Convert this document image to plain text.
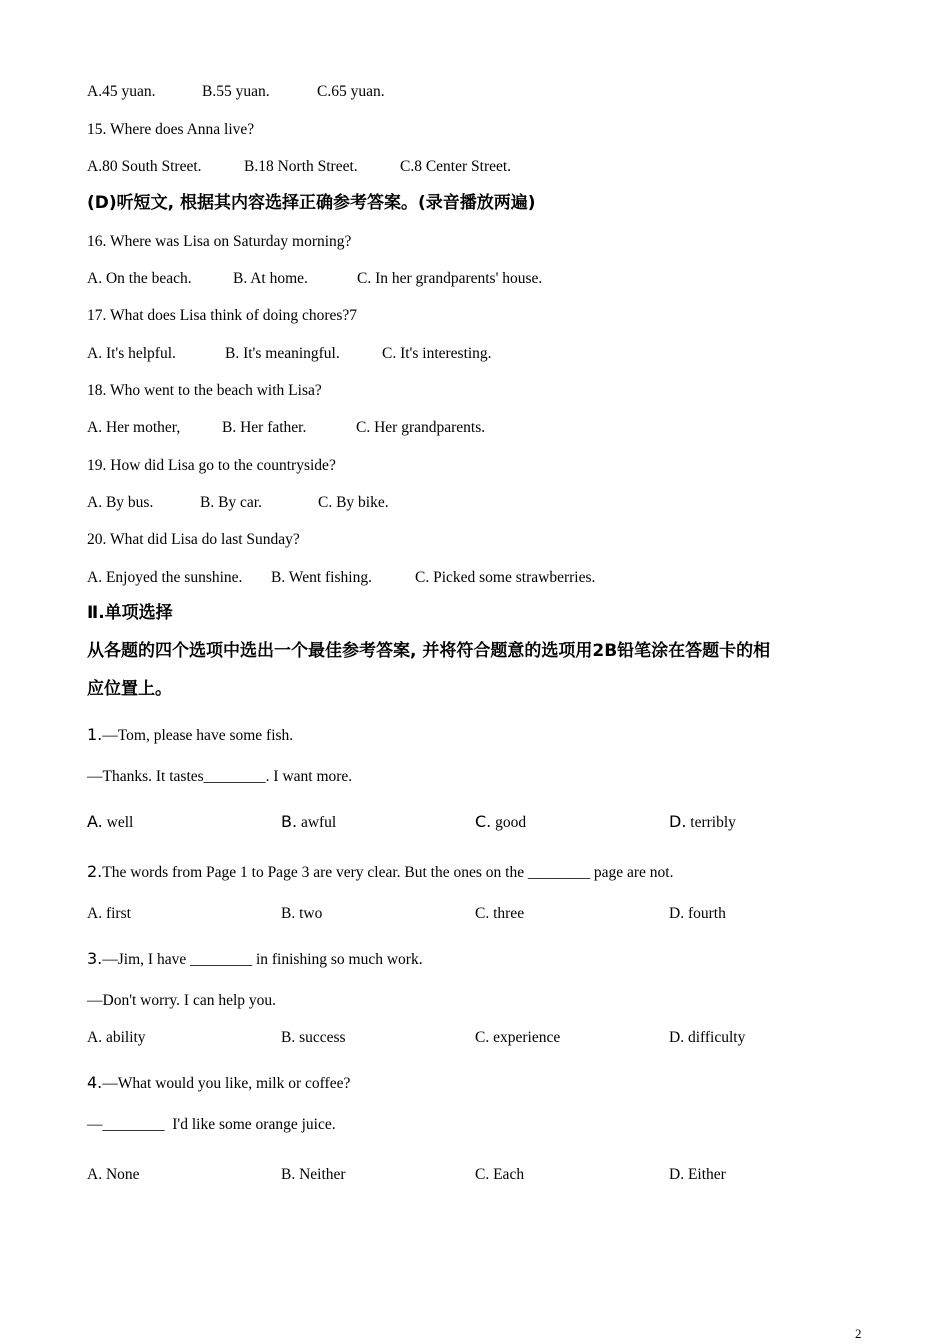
A.45 yuan.	B.55 yuan.	C.65 yuan.
15. Where does Anna live?
A.80 South Street.	B.18 North Street.	C.8 Center Street.
(D)听短文, 根据其内容选择正确参考答案。(录音播放两遍)
16. Where was Lisa on Saturday morning?
A. On the beach.	B. At home.	C. In her grandparents' house.
17. What does Lisa think of doing chores?7
A. It's helpful.	B. It's meaningful.	C. It's interesting.
18. Who went to the beach with Lisa?
A. Her mother,	B. Her father.	C. Her grandparents.
19. How did Lisa go to the countryside?
A. By bus.	B. By car.	C. By bike.
20. What did Lisa do last Sunday?
A. Enjoyed the sunshine. B. Went fishing.	C. Picked some strawberries.
Ⅱ.单项选择
从各题的四个选项中选出一个最佳参考答案, 并将符合题意的选项用2B铅笔涂在答题卡的相
应位置上。
1.—Tom, please have some fish.
—Thanks. It tastes________. I want more.
A. well	B. awful	C. good	D. terribly
2.The words from Page 1 to Page 3 are very clear. But the ones on the ________ page are not.
A. first	B. two	C. three	D. fourth
3.—Jim, I have ________ in finishing so much work.
—Don't worry. I can help you.
A. ability	B. success	C. experience	D. difficulty
4.—What would you like, milk or coffee?
—________  I'd like some orange juice.
A. None	B. Neither	C. Each	D. Either
2
